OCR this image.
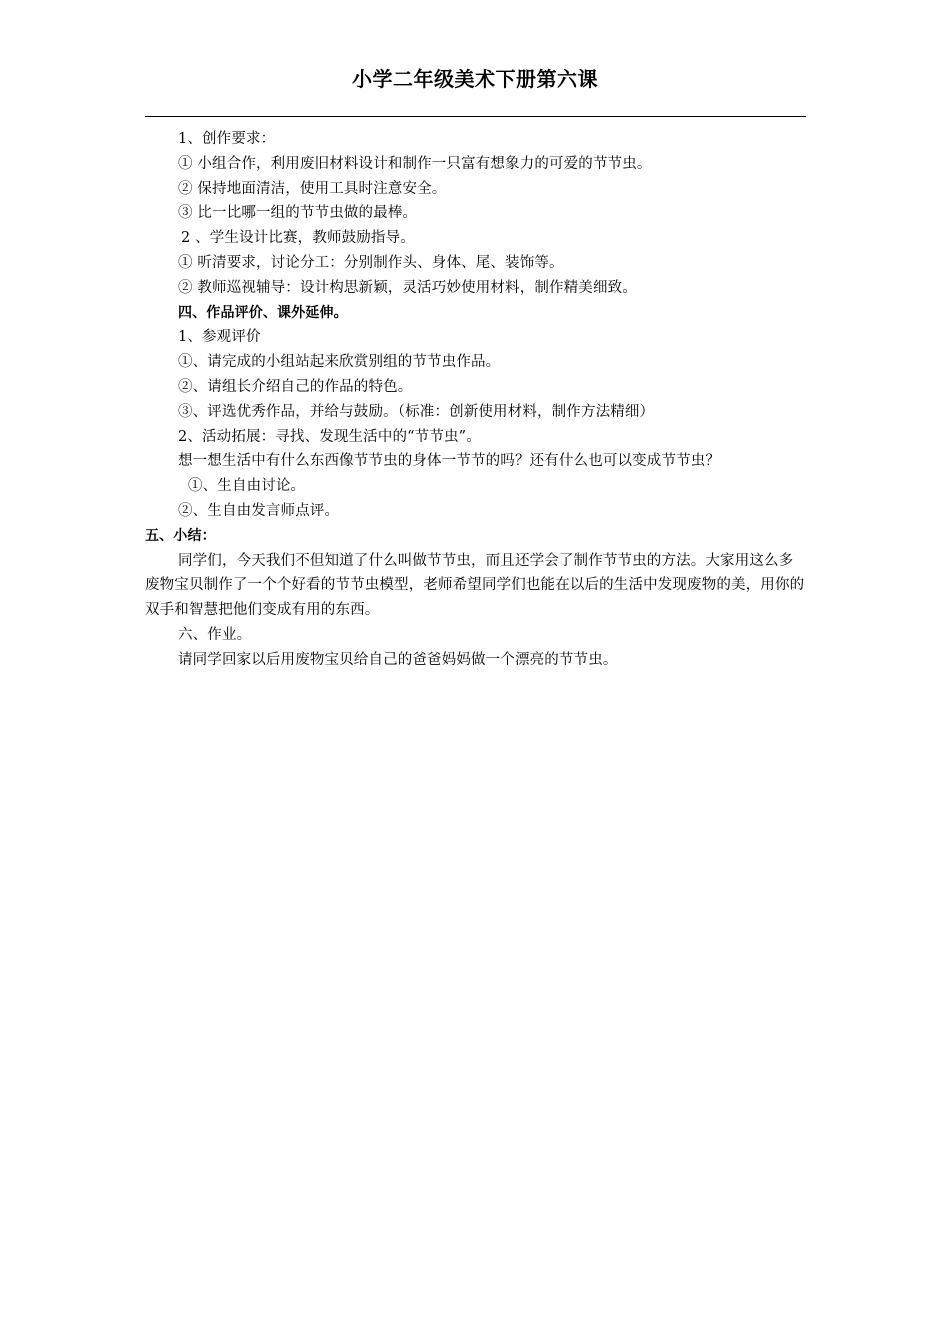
小学二年级美术下册第六课
1、创作要求：
① 小组合作，利用废旧材料设计和制作一只富有想象力的可爱的节节虫。
② 保持地面清洁，使用工具时注意安全。
③ 比一比哪一组的节节虫做的最棒。
2 、学生设计比赛，教师鼓励指导。
① 听清要求，讨论分工：分别制作头、身体、尾、装饰等。
② 教师巡视辅导：设计构思新颖，灵活巧妙使用材料，制作精美细致。
四、作品评价、课外延伸。
1、参观评价
①、请完成的小组站起来欣赏别组的节节虫作品。
②、请组长介绍自己的作品的特色。
③、评选优秀作品，并给与鼓励。（标准：创新使用材料，制作方法精细）
2、活动拓展：寻找、发现生活中的“节节虫”。
想一想生活中有什么东西像节节虫的身体一节节的吗？还有什么也可以变成节节虫？
①、生自由讨论。
②、生自由发言师点评。
五、小结：

同学们，今天我们不但知道了什么叫做节节虫，而且还学会了制作节节虫的方法。大家用这么多废物宝贝制作了一个个好看的节节虫模型，老师希望同学们也能在以后的生活中发现废物的美，用你的双手和智慧把他们变成有用的东西。

六、作业。
请同学回家以后用废物宝贝给自己的爸爸妈妈做一个漂亮的节节虫。
